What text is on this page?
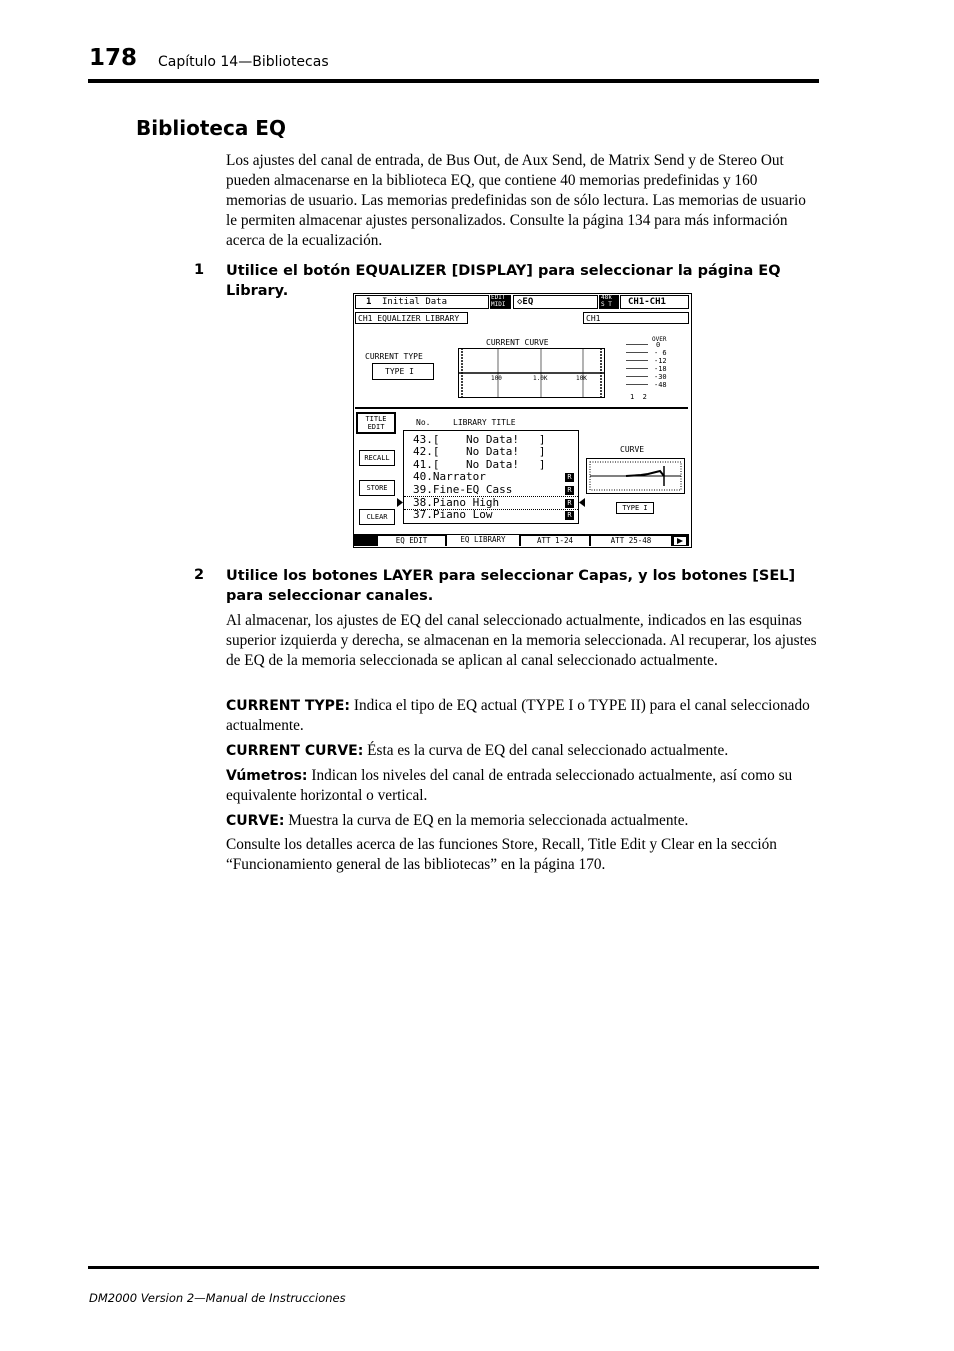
178 Capítulo 14—Bibliotecas
Biblioteca EQ

Los ajustes del canal de entrada, de Bus Out, de Aux Send, de Matrix Send y de Stereo Out pueden almacenarse en la biblioteca EQ, que contiene 40 memorias predefinidas y 160 memorias de usuario. Las memorias predefinidas son de sólo lectura. Las memorias de usuario le permiten almacenar ajustes personalizados. Consulte la página 134 para más información acerca de la ecualización.

1 Utilice el botón EQUALIZER [DISPLAY] para seleccionar la página EQ Library.

1 Initial Data	EDIT
MIDI ◇EQ	48k
S T CH1-CH1
CH1 EQUALIZER LIBRARY	CH1
CURRENT TYPE
TYPE I
CURRENT CURVE
100	1.0K	10K
OVER
0
- 6
-12
-18
-30
-48
1  2
TITLE
EDIT	No.	LIBRARY TITLE
RECALL
STORE
CLEAR
43.[    No Data!   ]
42.[    No Data!   ]
41.[    No Data!   ]
40.Narrator	R
39.Fine-EQ Cass	R
38.Piano High	R
37.Piano Low	R
CURVE
TYPE I
EQ EDIT	EQ LIBRARY	ATT 1-24	ATT 25-48
2 Utilice los botones LAYER para seleccionar Capas, y los botones [SEL] para seleccionar canales.

Al almacenar, los ajustes de EQ del canal seleccionado actualmente, indicados en las esquinas superior izquierda y derecha, se almacenan en la memoria seleccionada. Al recuperar, los ajustes de EQ de la memoria seleccionada se aplican al canal seleccionado actualmente.

CURRENT TYPE: Indica el tipo de EQ actual (TYPE I o TYPE II) para el canal seleccionado actualmente.

CURRENT CURVE: Ésta es la curva de EQ del canal seleccionado actualmente.

Vúmetros: Indican los niveles del canal de entrada seleccionado actualmente, así como su equivalente horizontal o vertical.

CURVE: Muestra la curva de EQ en la memoria seleccionada actualmente.

Consulte los detalles acerca de las funciones Store, Recall, Title Edit y Clear en la sección “Funcionamiento general de las bibliotecas” en la página 170.

DM2000 Version 2—Manual de Instrucciones
